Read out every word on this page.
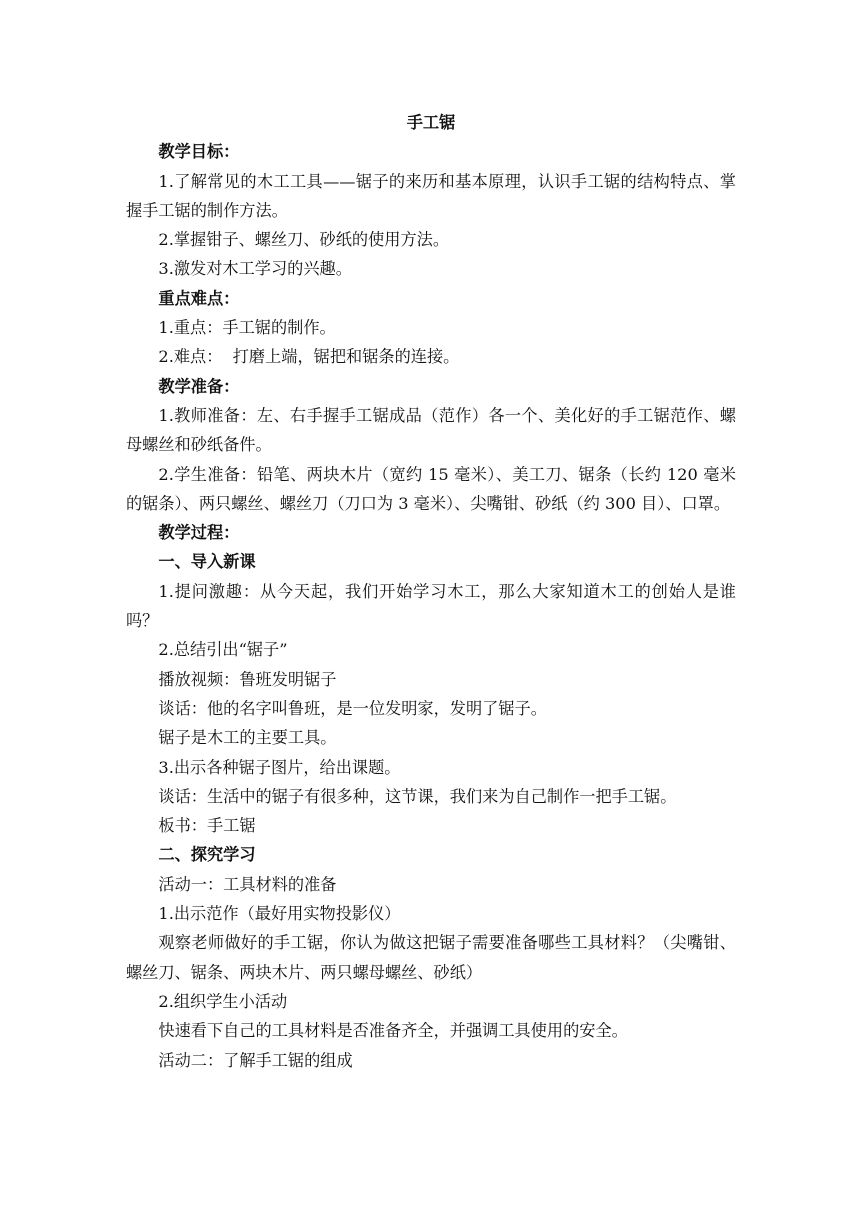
手工锯

教学目标：

1.了解常见的木工工具——锯子的来历和基本原理，认识手工锯的结构特点、掌握手工锯的制作方法。

2.掌握钳子、螺丝刀、砂纸的使用方法。

3.激发对木工学习的兴趣。

重点难点：

1.重点：手工锯的制作。

2.难点：  打磨上端，锯把和锯条的连接。

教学准备：

1.教师准备：左、右手握手工锯成品（范作）各一个、美化好的手工锯范作、螺母螺丝和砂纸备件。

2.学生准备：铅笔、两块木片（宽约 15 毫米）、美工刀、锯条（长约 120 毫米的锯条）、两只螺丝、螺丝刀（刀口为 3 毫米）、尖嘴钳、砂纸（约 300 目）、口罩。

教学过程：

一、导入新课

1.提问激趣：从今天起，我们开始学习木工，那么大家知道木工的创始人是谁吗？

2.总结引出“锯子”

播放视频：鲁班发明锯子

谈话：他的名字叫鲁班，是一位发明家，发明了锯子。

锯子是木工的主要工具。

3.出示各种锯子图片，给出课题。

谈话：生活中的锯子有很多种，这节课，我们来为自己制作一把手工锯。

板书：手工锯

二、探究学习

活动一：工具材料的准备

1.出示范作（最好用实物投影仪）

观察老师做好的手工锯，你认为做这把锯子需要准备哪些工具材料？（尖嘴钳、螺丝刀、锯条、两块木片、两只螺母螺丝、砂纸）

2.组织学生小活动

快速看下自己的工具材料是否准备齐全，并强调工具使用的安全。

活动二：了解手工锯的组成
